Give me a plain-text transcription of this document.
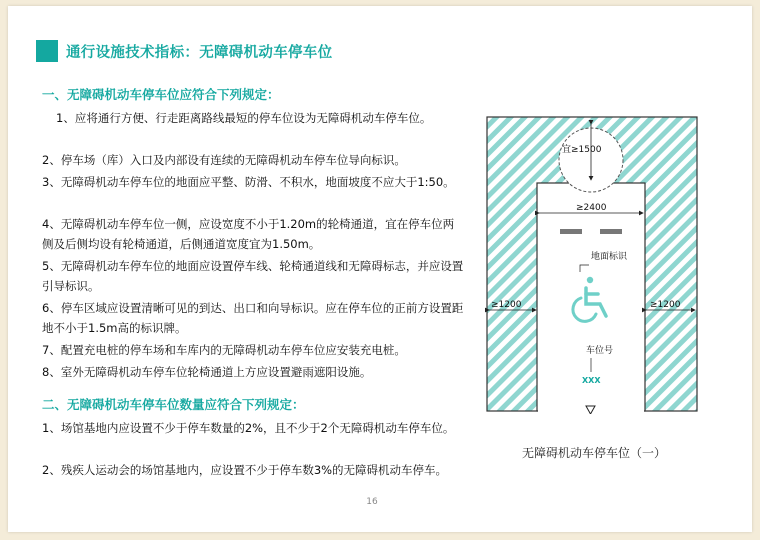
通行设施技术指标：无障碍机动车停车位
一、无障碍机动车停车位应符合下列规定：
1、应将通行方便、行走距离路线最短的停车位设为无障碍机动车停车位。
2、停车场（库）入口及内部设有连续的无障碍机动车停车位导向标识。
3、无障碍机动车停车位的地面应平整、防滑、不积水，地面坡度不应大于1:50。
4、无障碍机动车停车位一侧，应设宽度不小于1.20m的轮椅通道，宜在停车位两侧及后侧均设有轮椅通道，后侧通道宽度宜为1.50m。
5、无障碍机动车停车位的地面应设置停车线、轮椅通道线和无障碍标志，并应设置引导标识。
6、停车区域应设置清晰可见的到达、出口和向导标识。应在停车位的正前方设置距地不小于1.5m高的标识牌。
7、配置充电桩的停车场和车库内的无障碍机动车停车位应安装充电桩。
8、室外无障碍机动车停车位轮椅通道上方应设置避雨遮阳设施。
二、无障碍机动车停车位数量应符合下列规定：
1、场馆基地内应设置不少于停车数量的2%，且不少于2个无障碍机动车停车位。
2、残疾人运动会的场馆基地内，应设置不少于停车数3%的无障碍机动车停车。
宜≥1500
≥2400
地面标识
≥1200	≥1200
车位号
XXX
无障碍机动车停车位（一）
16
